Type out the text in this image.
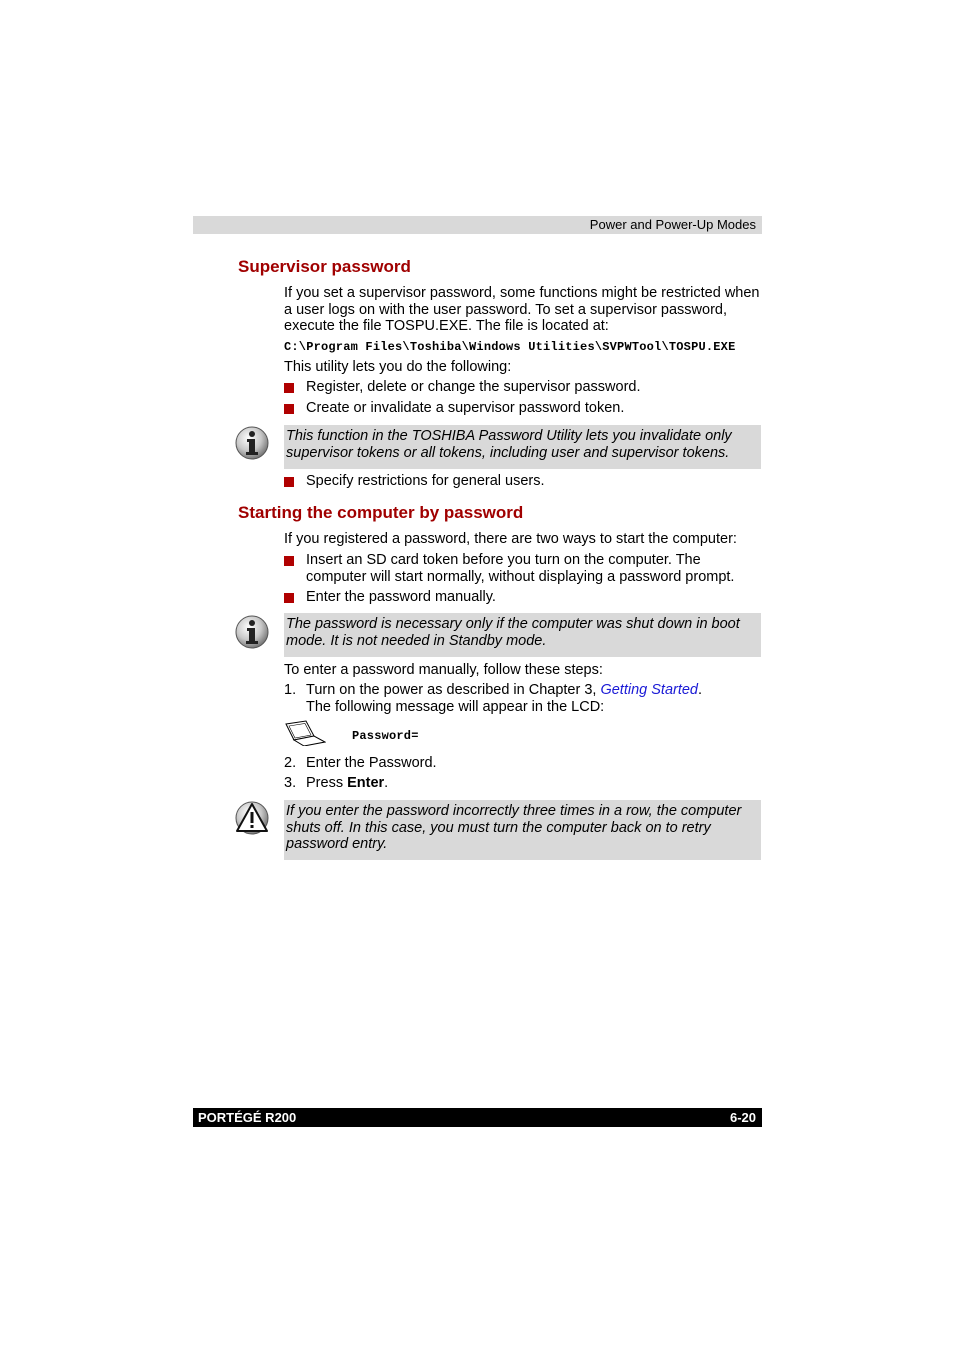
Power and Power-Up Modes
Supervisor password
If you set a supervisor password, some functions might be restricted when a user logs on with the user password. To set a supervisor password, execute the file TOSPU.EXE. The file is located at:
C:\Program Files\Toshiba\Windows Utilities\SVPWTool\TOSPU.EXE
This utility lets you do the following:
Register, delete or change the supervisor password.
Create or invalidate a supervisor password token.
This function in the TOSHIBA Password Utility lets you invalidate only supervisor tokens or all tokens, including user and supervisor tokens.
Specify restrictions for general users.
Starting the computer by password
If you registered a password, there are two ways to start the computer:
Insert an SD card token before you turn on the computer. The computer will start normally, without displaying a password prompt.
Enter the password manually.
The password is necessary only if the computer was shut down in boot mode. It is not needed in Standby mode.
To enter a password manually, follow these steps:
1. Turn on the power as described in Chapter 3, Getting Started.
The following message will appear in the LCD:
Password=
2. Enter the Password.
3. Press Enter.
If you enter the password incorrectly three times in a row, the computer shuts off. In this case, you must turn the computer back on to retry password entry.
PORTÉGÉ R200	6-20
